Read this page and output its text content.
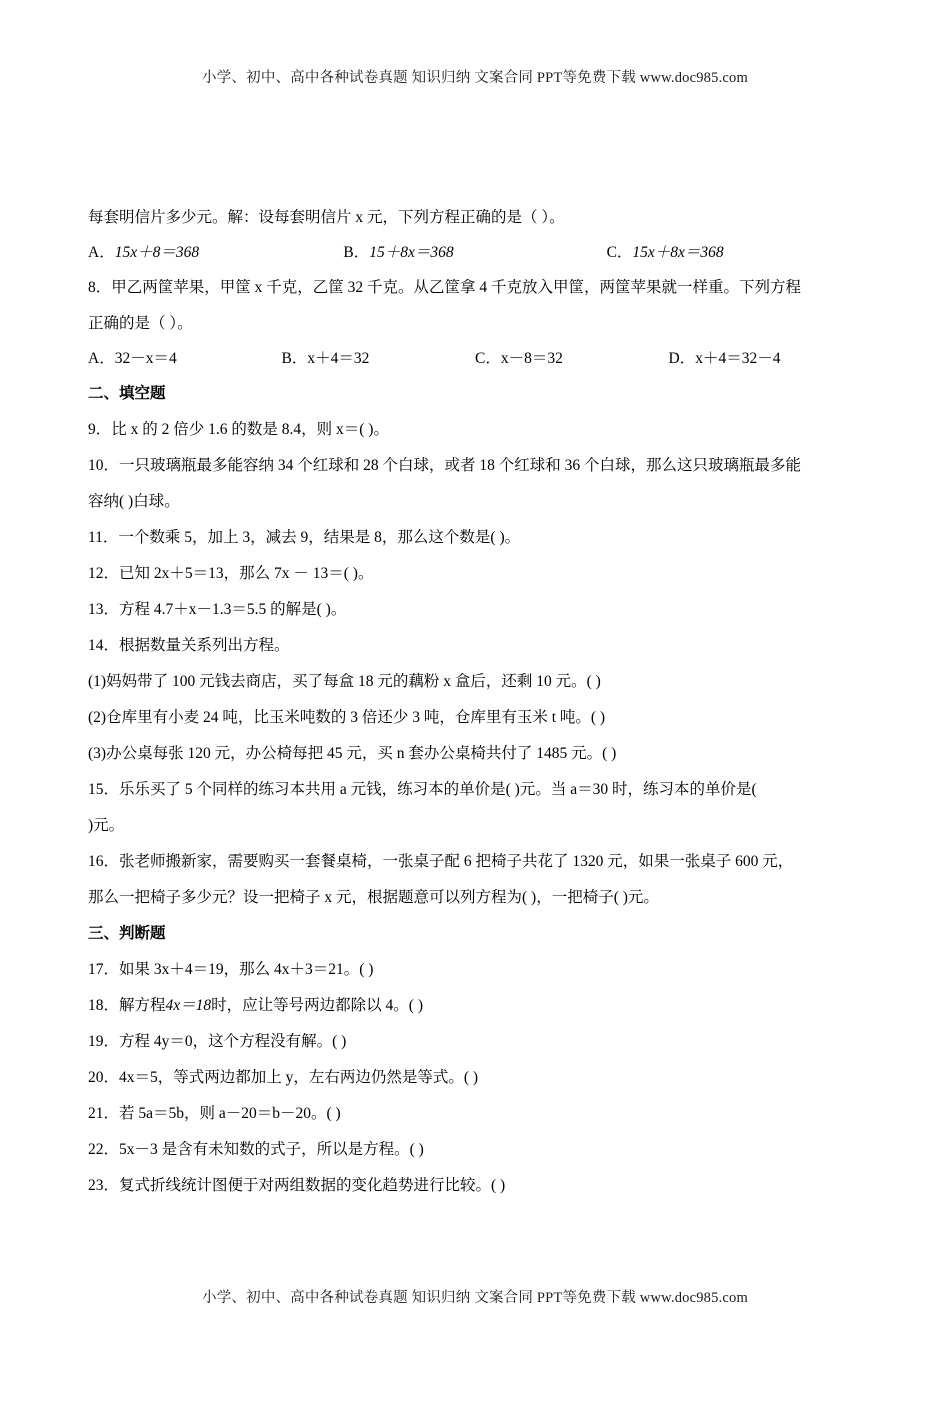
小学、初中、高中各种试卷真题 知识归纳 文案合同 PPT等免费下载 www.doc985.com

每套明信片多少元。解：设每套明信片 x 元，下列方程正确的是（ ）。

A．15x＋8＝368	B．15＋8x＝368	C．15x＋8x＝368

8．甲乙两筐苹果，甲筐 x 千克，乙筐 32 千克。从乙筐拿 4 千克放入甲筐，两筐苹果就一样重。下列方程

正确的是（ ）。

A．32－x＝4	B．x＋4＝32	C．x－8＝32	D．x＋4＝32－4

二、填空题

9．比 x 的 2 倍少 1.6 的数是 8.4，则 x＝( )。

10．一只玻璃瓶最多能容纳 34 个红球和 28 个白球，或者 18 个红球和 36 个白球，那么这只玻璃瓶最多能

容纳( )白球。

11．一个数乘 5，加上 3，减去 9，结果是 8，那么这个数是( )。

12．已知 2x＋5＝13，那么 7x － 13＝( )。

13．方程 4.7＋x－1.3＝5.5 的解是( )。

14．根据数量关系列出方程。

(1)妈妈带了 100 元钱去商店，买了每盒 18 元的藕粉 x 盒后，还剩 10 元。( )

(2)仓库里有小麦 24 吨，比玉米吨数的 3 倍还少 3 吨，仓库里有玉米 t 吨。( )

(3)办公桌每张 120 元，办公椅每把 45 元，买 n 套办公桌椅共付了 1485 元。( )

15．乐乐买了 5 个同样的练习本共用 a 元钱，练习本的单价是( )元。当 a＝30 时，练习本的单价是(

)元。

16．张老师搬新家，需要购买一套餐桌椅，一张桌子配 6 把椅子共花了 1320 元，如果一张桌子 600 元，

那么一把椅子多少元？设一把椅子 x 元，根据题意可以列方程为( )，一把椅子( )元。

三、判断题

17．如果 3x＋4＝19，那么 4x＋3＝21。( )

18．解方程4x＝18时，应让等号两边都除以 4。( )

19．方程 4y＝0，这个方程没有解。( )

20．4x＝5，等式两边都加上 y，左右两边仍然是等式。( )

21．若 5a＝5b，则 a－20＝b－20。( )

22．5x－3 是含有未知数的式子，所以是方程。( )

23．复式折线统计图便于对两组数据的变化趋势进行比较。( )

小学、初中、高中各种试卷真题 知识归纳 文案合同 PPT等免费下载 www.doc985.com
